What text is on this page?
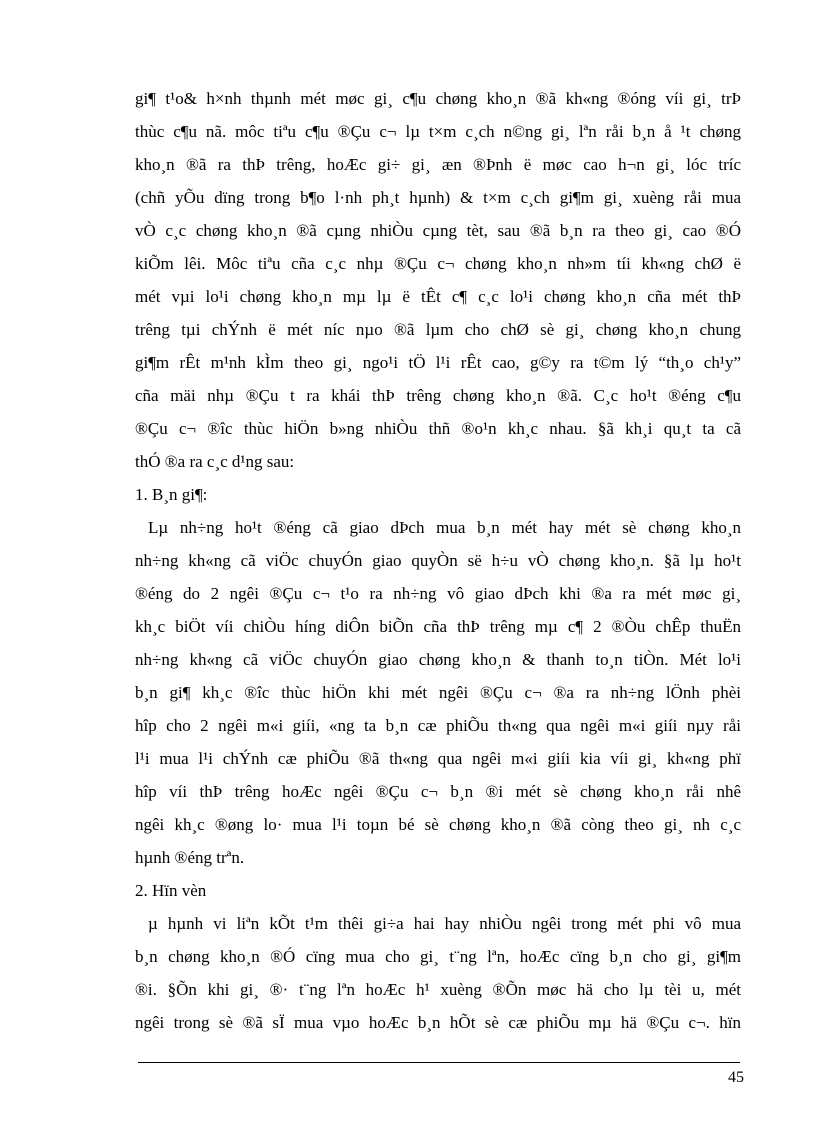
gi¶ t¹o& h×nh thµnh mét møc gi¸ c¶u chøng kho¸n ®ã kh«ng ®óng víi gi¸ trÞ
thùc c¶u nã. môc tiªu c¶u ®Çu c¬ lµ t×m c¸ch n©ng gi¸ lªn råi b¸n å ¹t chøng
kho¸n ®ã ra thÞ trêng, hoÆc gi÷ gi¸ æn ®Þnh ë møc cao h¬n gi¸ lóc tríc
(chñ yÕu dïng trong b¶o l·nh ph¸t hµnh) & t×m c¸ch gi¶m gi¸ xuèng råi mua
vÒ c¸c chøng kho¸n ®ã cµng nhiÒu cµng tèt, sau ®ã b¸n ra theo gi¸ cao ®Ó
kiÕm lêi. Môc tiªu cña c¸c nhµ ®Çu c¬ chøng kho¸n nh»m tíi kh«ng chØ ë
mét vµi lo¹i chøng kho¸n mµ lµ ë tÊt c¶ c¸c lo¹i chøng kho¸n cña mét thÞ
trêng tµi chÝnh ë mét níc nµo ®ã lµm cho chØ sè gi¸ chøng kho¸n chung
gi¶m rÊt m¹nh kÌm theo gi¸ ngo¹i tÖ l¹i rÊt cao, g©y ra t©m lý “th¸o ch¹y”
cña mäi nhµ ®Çu t ra khái thÞ trêng chøng kho¸n ®ã. C¸c ho¹t ®éng c¶u
®Çu c¬ ®îc thùc hiÖn b»ng nhiÒu thñ ®o¹n kh¸c nhau. §ã kh¸i qu¸t ta cã
thÓ ®a ra c¸c d¹ng sau:
1. B¸n gi¶:
Lµ nh÷ng ho¹t ®éng cã giao dÞch mua b¸n mét hay mét sè chøng kho¸n
nh÷ng kh«ng cã viÖc chuyÓn giao quyÒn së h÷u vÒ chøng kho¸n. §ã lµ ho¹t
®éng do 2 ngêi ®Çu c¬ t¹o ra nh÷ng vô giao dÞch khi ®a ra mét møc gi¸
kh¸c biÖt víi chiÒu híng diÔn biÕn cña thÞ trêng mµ c¶ 2 ®Òu chÊp thuËn
nh÷ng kh«ng cã viÖc chuyÓn giao chøng kho¸n & thanh to¸n tiÒn. Mét lo¹i
b¸n gi¶ kh¸c ®îc thùc hiÖn khi mét ngêi ®Çu c¬ ®a ra nh÷ng lÖnh phèi
hîp cho 2 ngêi m«i giíi, «ng ta b¸n cæ phiÕu th«ng qua ngêi m«i giíi nµy råi
l¹i mua l¹i chÝnh cæ phiÕu ®ã th«ng qua ngêi m«i giíi kia víi gi¸ kh«ng phï
hîp víi thÞ trêng hoÆc ngêi ®Çu c¬ b¸n ®i mét sè chøng kho¸n råi nhê
ngêi kh¸c ®øng lo· mua l¹i toµn bé sè chøng kho¸n ®ã còng theo gi¸ nh c¸c
hµnh ®éng trªn.
2. Hïn vèn
µ hµnh vi liªn kÕt t¹m thêi gi÷a hai hay nhiÒu ngêi trong mét phi vô mua
b¸n chøng kho¸n ®Ó cïng mua cho gi¸ t¨ng lªn, hoÆc cïng b¸n cho gi¸ gi¶m
®i. §Õn khi gi¸ ®· t¨ng lªn hoÆc h¹ xuèng ®Õn møc hä cho lµ tèi u, mét
ngêi trong sè ®ã sÏ mua vµo hoÆc b¸n hÕt sè cæ phiÕu mµ hä ®Çu c¬. hïn
45
